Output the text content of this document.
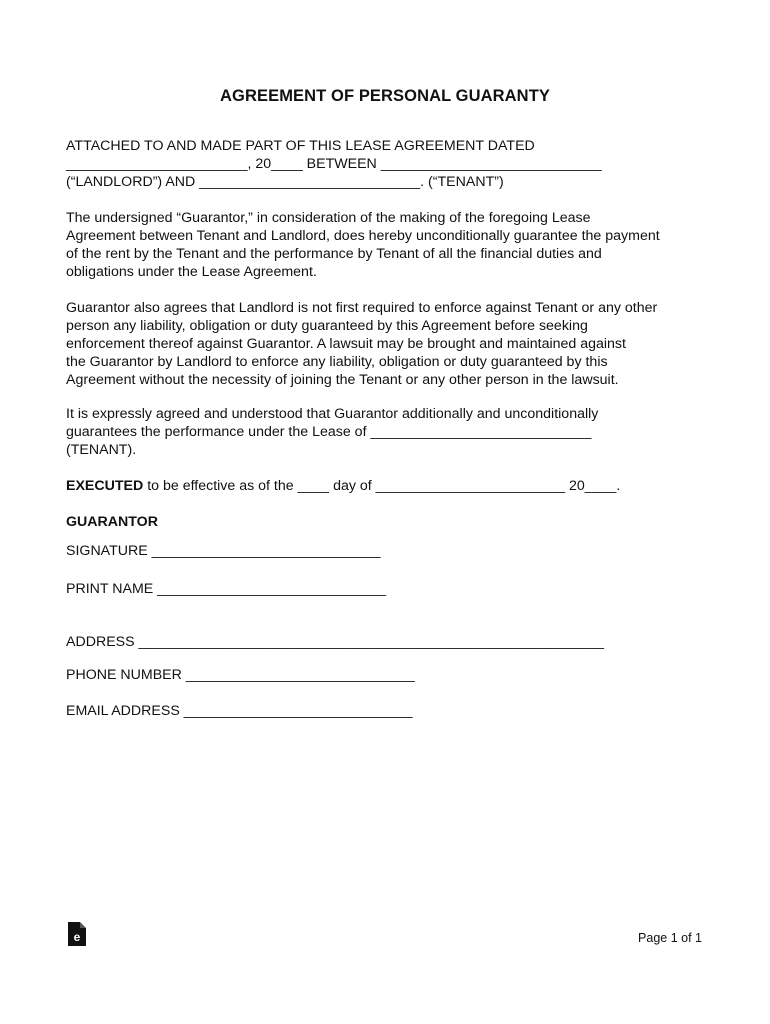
AGREEMENT OF PERSONAL GUARANTY
ATTACHED TO AND MADE PART OF THIS LEASE AGREEMENT DATED
_______________________, 20____ BETWEEN ____________________________
(“LANDLORD”) AND ____________________________. (“TENANT”)
The undersigned “Guarantor,” in consideration of the making of the foregoing Lease
Agreement between Tenant and Landlord, does hereby unconditionally guarantee the payment
of the rent by the Tenant and the performance by Tenant of all the financial duties and
obligations under the Lease Agreement.
Guarantor also agrees that Landlord is not first required to enforce against Tenant or any other
person any liability, obligation or duty guaranteed by this Agreement before seeking
enforcement thereof against Guarantor. A lawsuit may be brought and maintained against
the Guarantor by Landlord to enforce any liability, obligation or duty guaranteed by this
Agreement without the necessity of joining the Tenant or any other person in the lawsuit.
It is expressly agreed and understood that Guarantor additionally and unconditionally
guarantees the performance under the Lease of ____________________________
(TENANT).
EXECUTED to be effective as of the ____ day of ________________________ 20____.
GUARANTOR
SIGNATURE _____________________________
PRINT NAME _____________________________
ADDRESS ___________________________________________________________
PHONE NUMBER _____________________________
EMAIL ADDRESS _____________________________
e	Page 1 of 1
